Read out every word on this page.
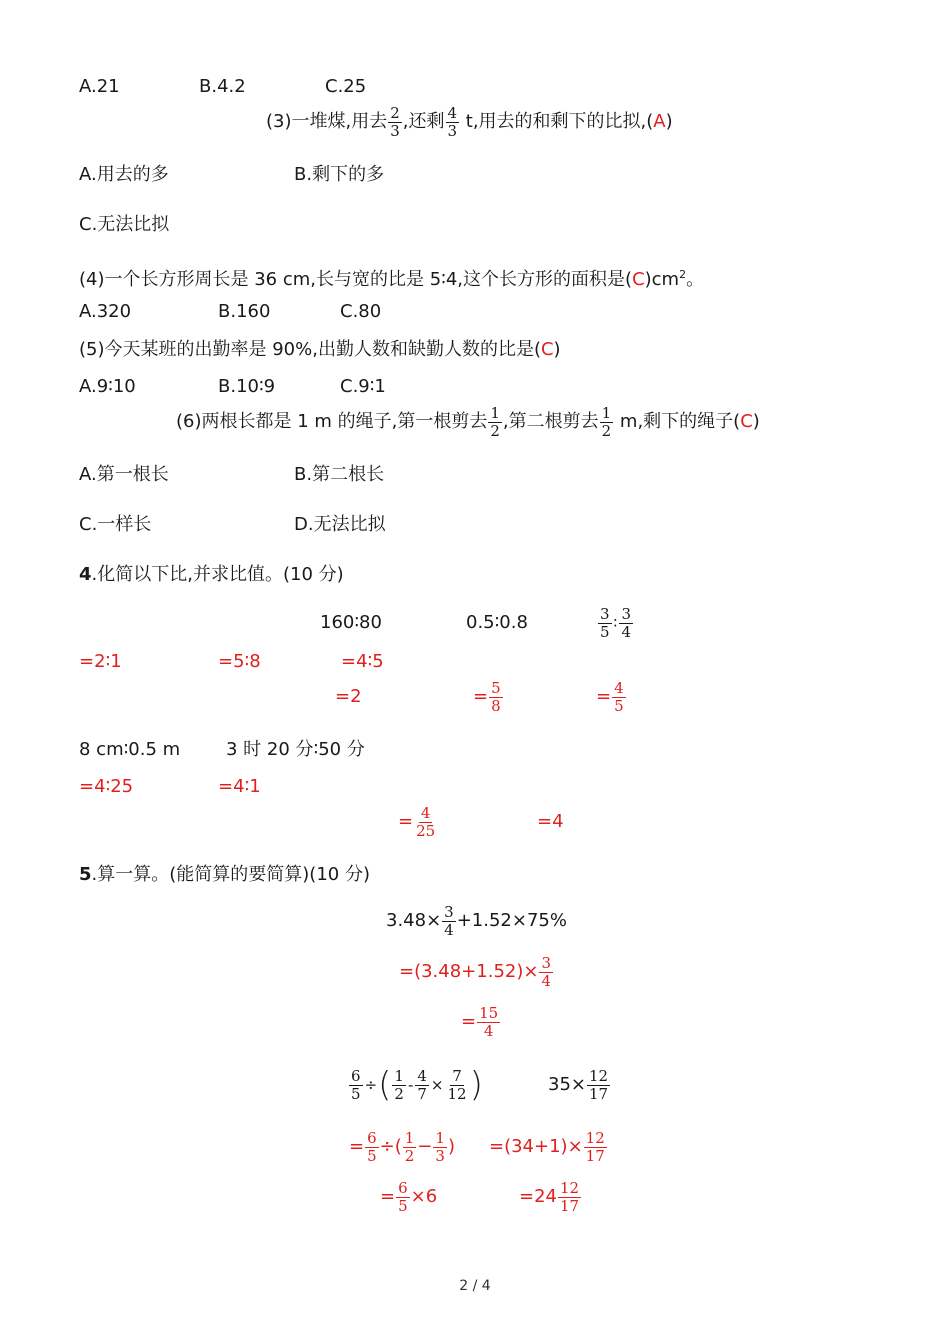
A.21	B.4.2	C.25
(3)一堆煤,用去 $\frac{2}{3}$ ,还剩 $\frac{4}{3} t$,用去的和剩下的比拟,(A)
A.用去的多	B.剩下的多
C.无法比拟
(4)一个长方形周长是 36 cm,长与宽的比是 5∶4,这个长方形的面积是$(C)cm^2$。
A.320	B.160	C.80
(5)今天某班的出勤率是 90%,出勤人数和缺勤人数的比是(C)
A.9∶10	B.10∶9	C.9∶1
(6)两根长都是 1 m 的绳子,第一根剪去 $\frac{1}{2}$ ,第二根剪去 $\frac{1}{2} m$,剩下的绳子(C)
A.第一根长	B.第二根长
C.一样长	D.无法比拟
4.化简以下比,并求比值。(10 分)
160∶80	0.5∶0.8	$\frac{3}{5}$ ∶ $\frac{3}{4}$
=2∶1	=5∶8	=4∶5
=2	= $\frac{5}{8}$	= $\frac{4}{5}$
8 cm∶0.5 m	3 时 20 分∶50 分
=4∶25	=4∶1
= $\frac{4}{25}$	=4
5.算一算。(能简算的要简算)(10 分)
$3.48\times \frac{3}{4} +1.52\times 75\%$
$=(3.48+1.52)\times \frac{3}{4}$
= $\frac{15}{4}$
$\frac{6}{5}$ ÷( $\frac{1}{2} - \frac{4}{7} \times \frac{7}{12}$ )	$35\times \frac{12}{17}$
= $\frac{6}{5}$ ÷( $\frac{1}{2} - \frac{1}{3}$ ) $=(34+1)\times \frac{12}{17}$
= $\frac{6}{5} \times 6$	$=24 \frac{12}{17}$
2 / 4
